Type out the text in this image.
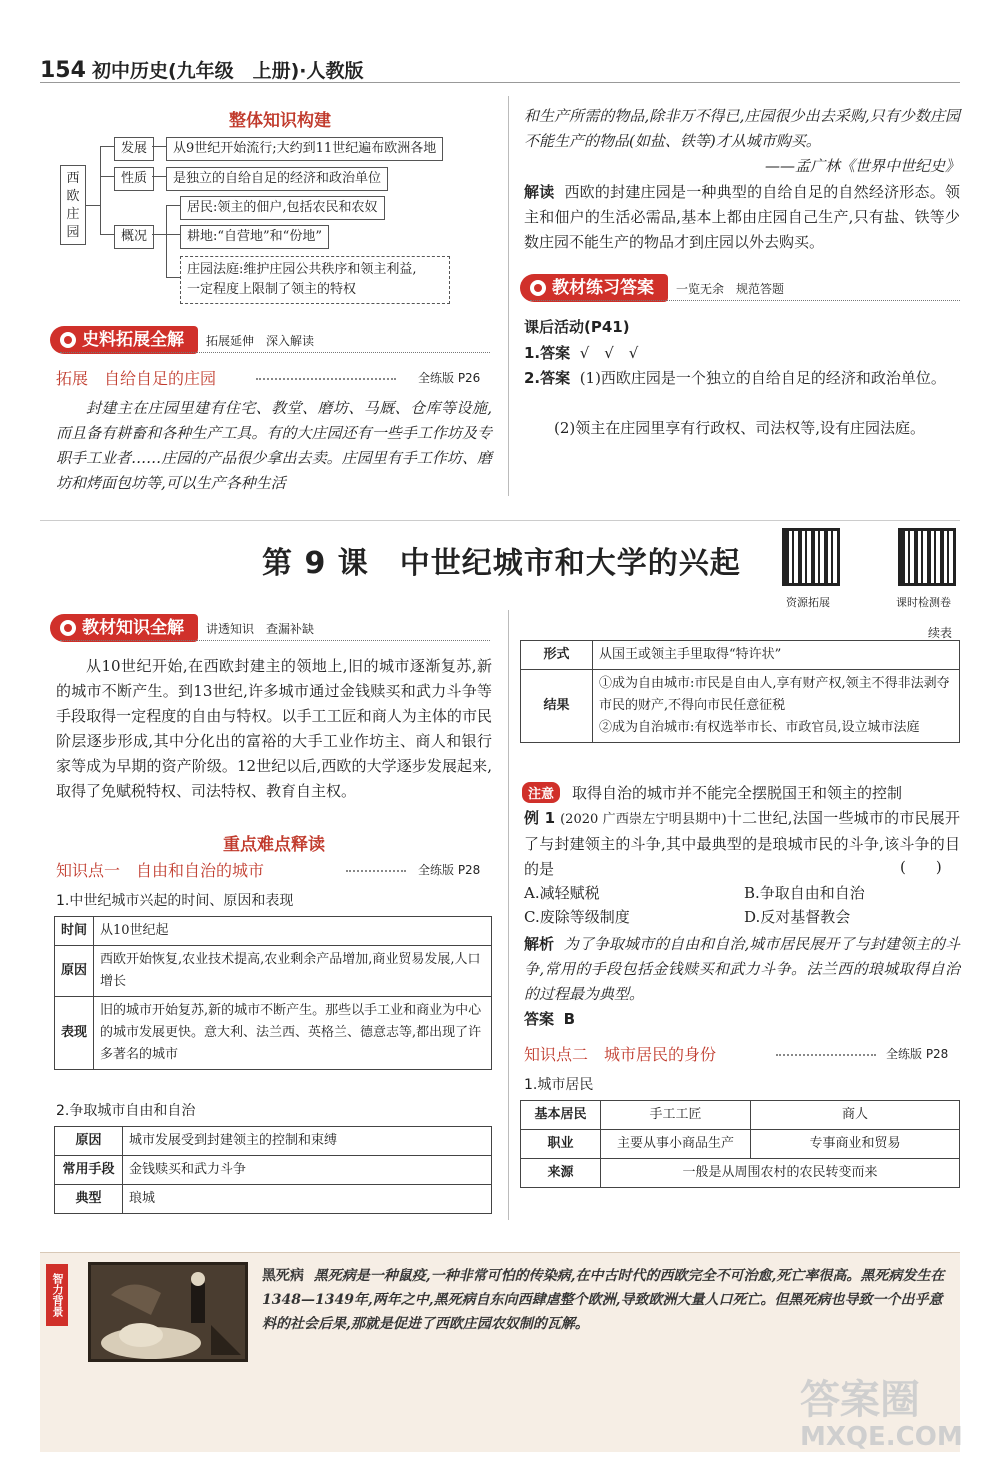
154 初中历史(九年级　上册)·人教版
整体知识构建
西欧庄园
发展	从9世纪开始流行;大约到11世纪遍布欧洲各地
性质	是独立的自给自足的经济和政治单位
概况
居民:领主的佃户,包括农民和农奴
耕地:“自营地”和“份地”
庄园法庭:维护庄园公共秩序和领主利益,
一定程度上限制了领主的特权
史料拓展全解 拓展延伸　深入解读
拓展　自给自足的庄园	全练版 P26
封建主在庄园里建有住宅、教堂、磨坊、马厩、仓库等设施,而且备有耕畜和各种生产工具。有的大庄园还有一些手工作坊及专职手工业者……庄园的产品很少拿出去卖。庄园里有手工作坊、磨坊和烤面包坊等,可以生产各种生活
和生产所需的物品,除非万不得已,庄园很少出去采购,只有少数庄园不能生产的物品(如盐、铁等)才从城市购买。
——孟广林《世界中世纪史》
解读 西欧的封建庄园是一种典型的自给自足的自然经济形态。领主和佃户的生活必需品,基本上都由庄园自己生产,只有盐、铁等少数庄园不能生产的物品才到庄园以外去购买。
教材练习答案 一览无余　规范答题
课后活动(P41)
1.答案 √　√　√
2.答案 (1)西欧庄园是一个独立的自给自足的经济和政治单位。
(2)领主在庄园里享有行政权、司法权等,设有庄园法庭。
第 9 课　中世纪城市和大学的兴起
资源拓展	课时检测卷
教材知识全解 讲透知识　查漏补缺
从10世纪开始,在西欧封建主的领地上,旧的城市逐渐复苏,新的城市不断产生。到13世纪,许多城市通过金钱赎买和武力斗争等手段取得一定程度的自由与特权。以手工工匠和商人为主体的市民阶层逐步形成,其中分化出的富裕的大手工业作坊主、商人和银行家等成为早期的资产阶级。12世纪以后,西欧的大学逐步发展起来,取得了免赋税特权、司法特权、教育自主权。
重点难点释读
知识点一　自由和自治的城市	全练版 P28
1.中世纪城市兴起的时间、原因和表现
时间	从10世纪起
原因	西欧开始恢复,农业技术提高,农业剩余产品增加,商业贸易发展,人口增长
表现	旧的城市开始复苏,新的城市不断产生。那些以手工业和商业为中心的城市发展更快。意大利、法兰西、英格兰、德意志等,都出现了许多著名的城市
2.争取城市自由和自治
原因	城市发展受到封建领主的控制和束缚
常用手段	金钱赎买和武力斗争
典型	琅城
续表
形式	从国王或领主手里取得“特许状”
结果	①成为自由城市:市民是自由人,享有财产权,领主不得非法剥夺市民的财产,不得向市民任意征税
②成为自治城市:有权选举市长、市政官员,设立城市法庭
注意	取得自治的城市并不能完全摆脱国王和领主的控制
例 1 (2020 广西崇左宁明县期中)十二世纪,法国一些城市的市民展开了与封建领主的斗争,其中最典型的是琅城市民的斗争,该斗争的目的是	(　　)
A.减轻赋税	B.争取自由和自治
C.废除等级制度	D.反对基督教会
解析 为了争取城市的自由和自治,城市居民展开了与封建领主的斗争,常用的手段包括金钱赎买和武力斗争。法兰西的琅城取得自治的过程最为典型。
答案 B
知识点二　城市居民的身份	全练版 P28
1.城市居民
基本居民	手工工匠	商人
职业	主要从事小商品生产	专事商业和贸易
来源	一般是从周围农村的农民转变而来	
智力背景	黑死病 黑死病是一种鼠疫,一种非常可怕的传染病,在中古时代的西欧完全不可治愈,死亡率很高。黑死病发生在1348—1349年,两年之中,黑死病自东向西肆虐整个欧洲,导致欧洲大量人口死亡。但黑死病也导致一个出乎意料的社会后果,那就是促进了西欧庄园农奴制的瓦解。
答案圈
MXQE.COM
